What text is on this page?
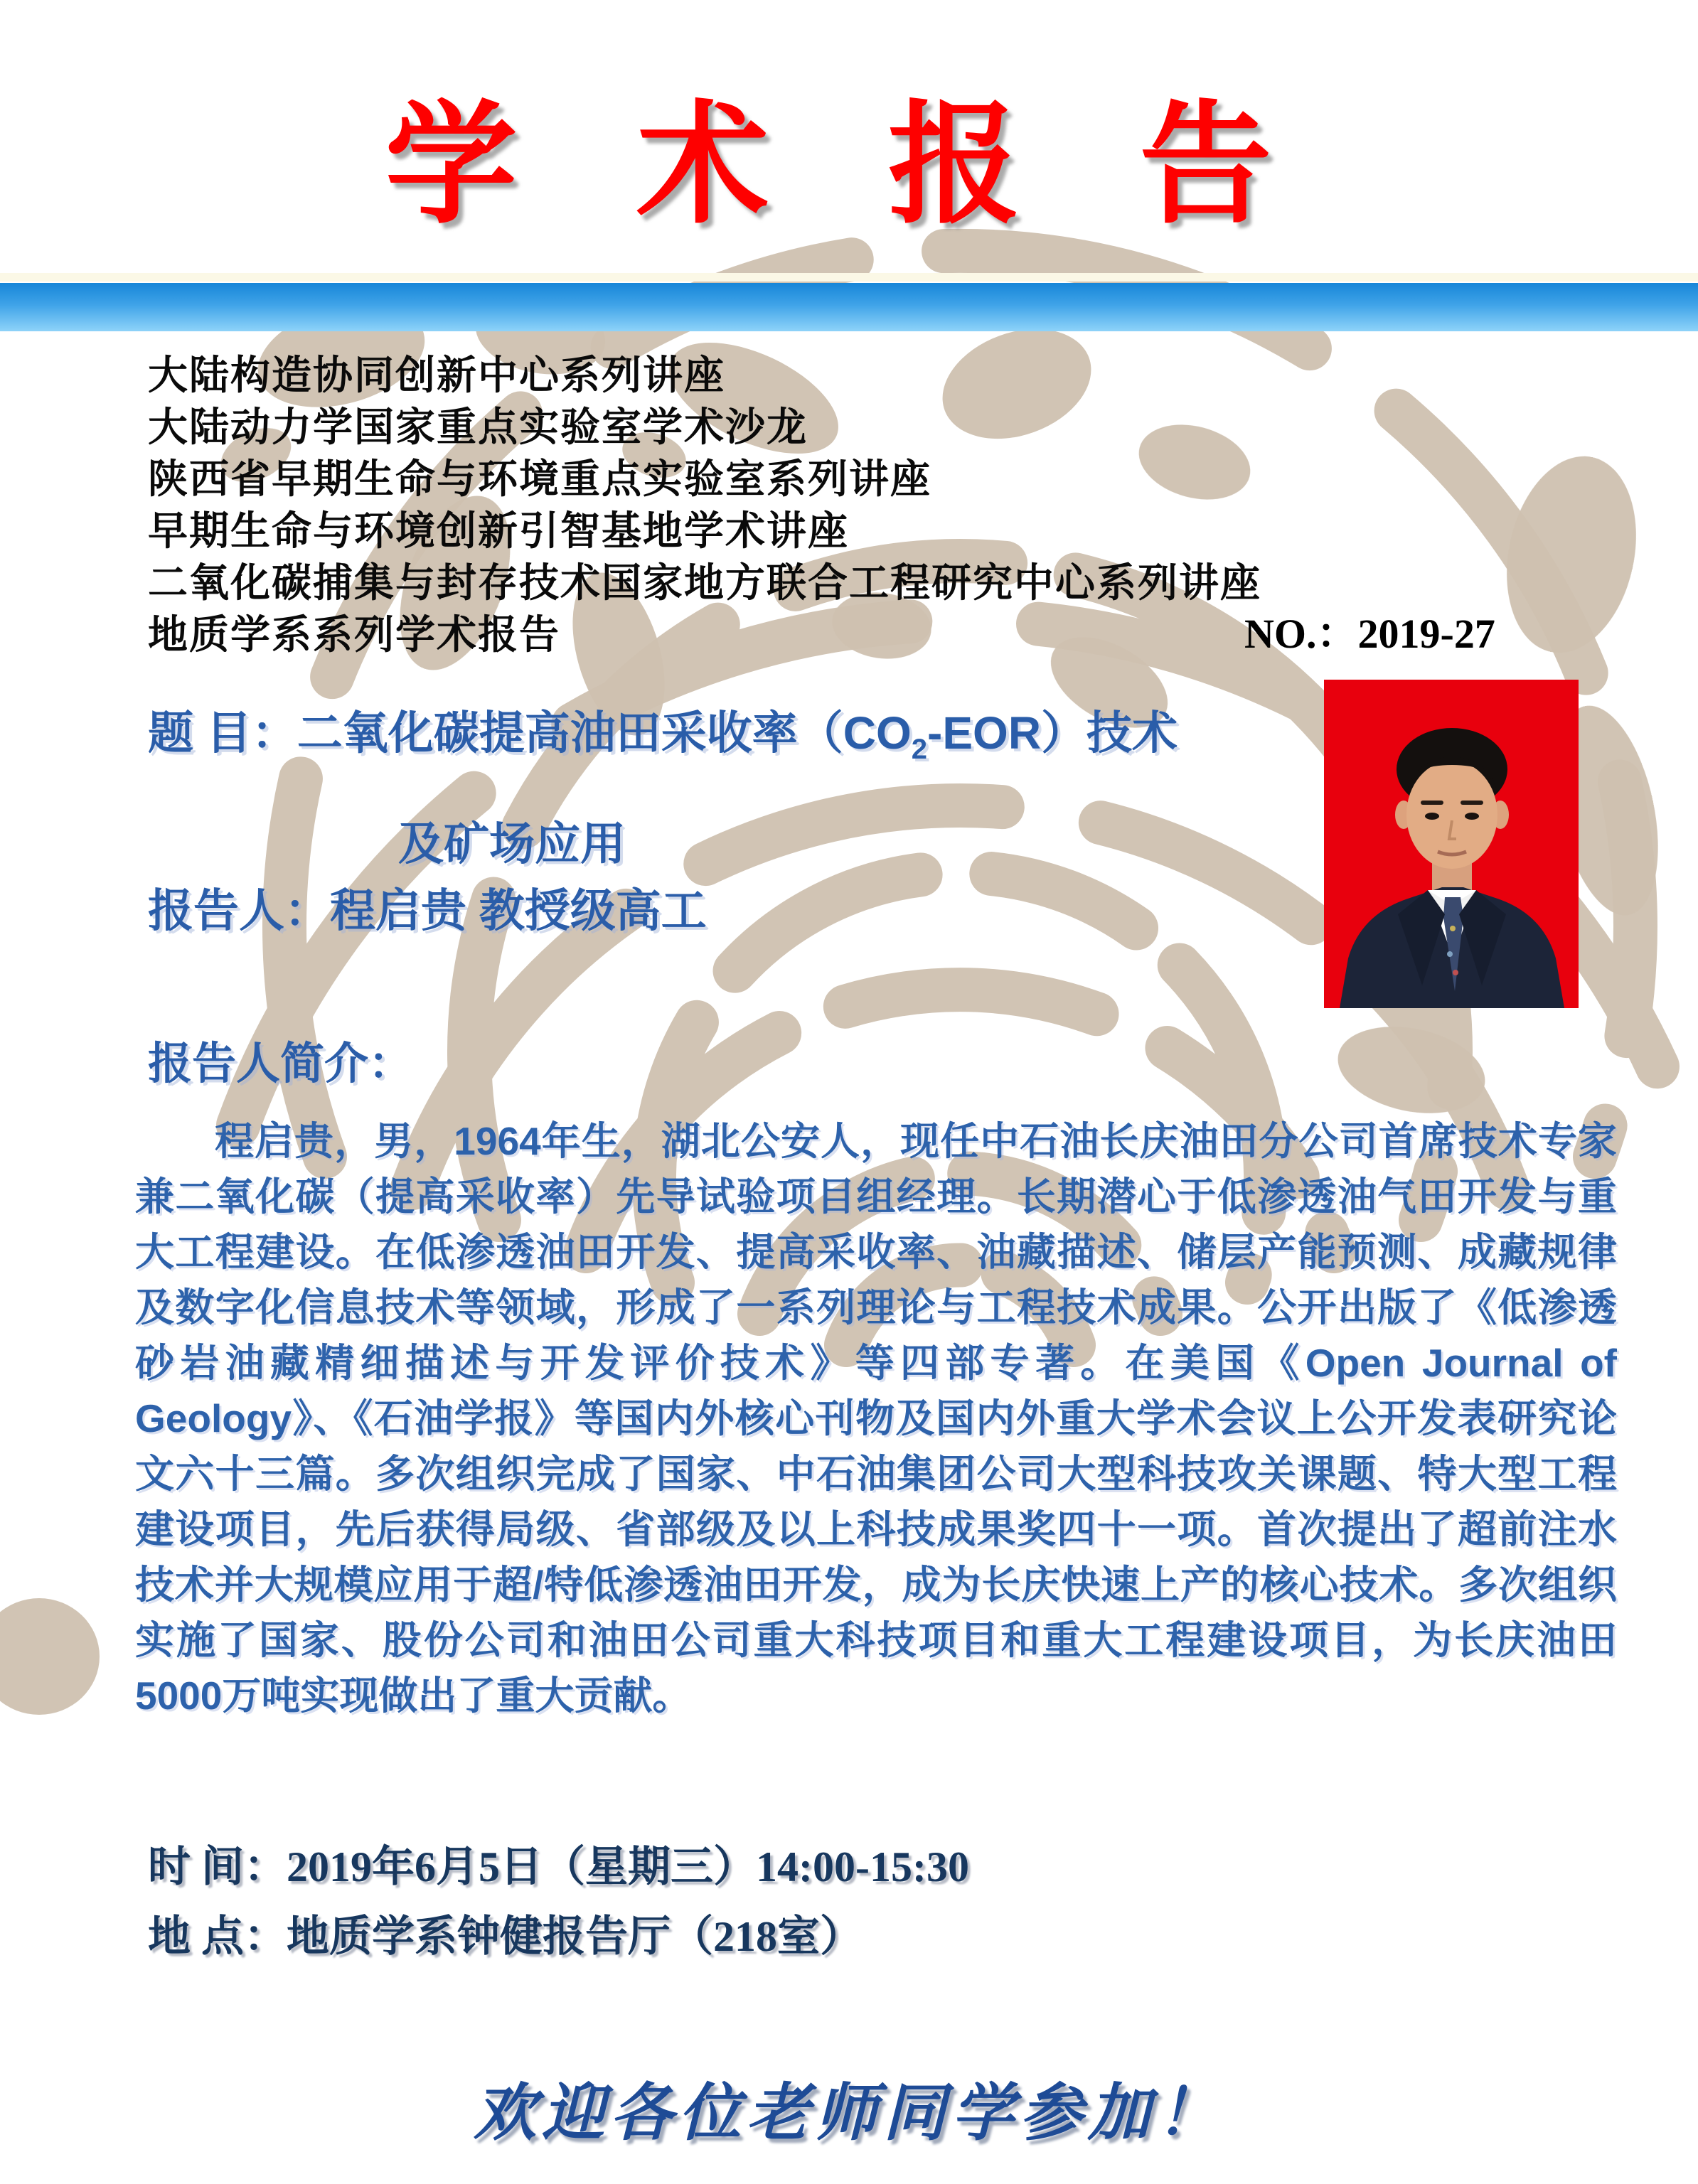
学 术 报 告
大陆构造协同创新中心系列讲座
大陆动力学国家重点实验室学术沙龙
陕西省早期生命与环境重点实验室系列讲座
早期生命与环境创新引智基地学术讲座
二氧化碳捕集与封存技术国家地方联合工程研究中心系列讲座
地质学系系列学术报告	NO.：2019-27
题 目：二氧化碳提高油田采收率$(CO_2-EOR)$技术
及矿场应用
报告人：程启贵 教授级高工
报告人简介：
程启贵，男，1964年生，湖北公安人，现任中石油长庆油田分公司首席技术专家兼二氧化碳（提高采收率）先导试验项目组经理。长期潜心于低渗透油气田开发与重大工程建设。在低渗透油田开发、提高采收率、油藏描述、储层产能预测、成藏规律及数字化信息技术等领域，形成了一系列理论与工程技术成果。公开出版了《低渗透砂岩油藏精细描述与开发评价技术》等四部专著。在美国《Open Journal of Geology》、《石油学报》等国内外核心刊物及国内外重大学术会议上公开发表研究论文六十三篇。多次组织完成了国家、中石油集团公司大型科技攻关课题、特大型工程建设项目，先后获得局级、省部级及以上科技成果奖四十一项。首次提出了超前注水技术并大规模应用于超/特低渗透油田开发，成为长庆快速上产的核心技术。多次组织实施了国家、股份公司和油田公司重大科技项目和重大工程建设项目，为长庆油田5000万吨实现做出了重大贡献。
时 间：2019年6月5日（星期三）14:00-15:30
地 点：地质学系钟健报告厅（218室）
欢迎各位老师同学参加！
